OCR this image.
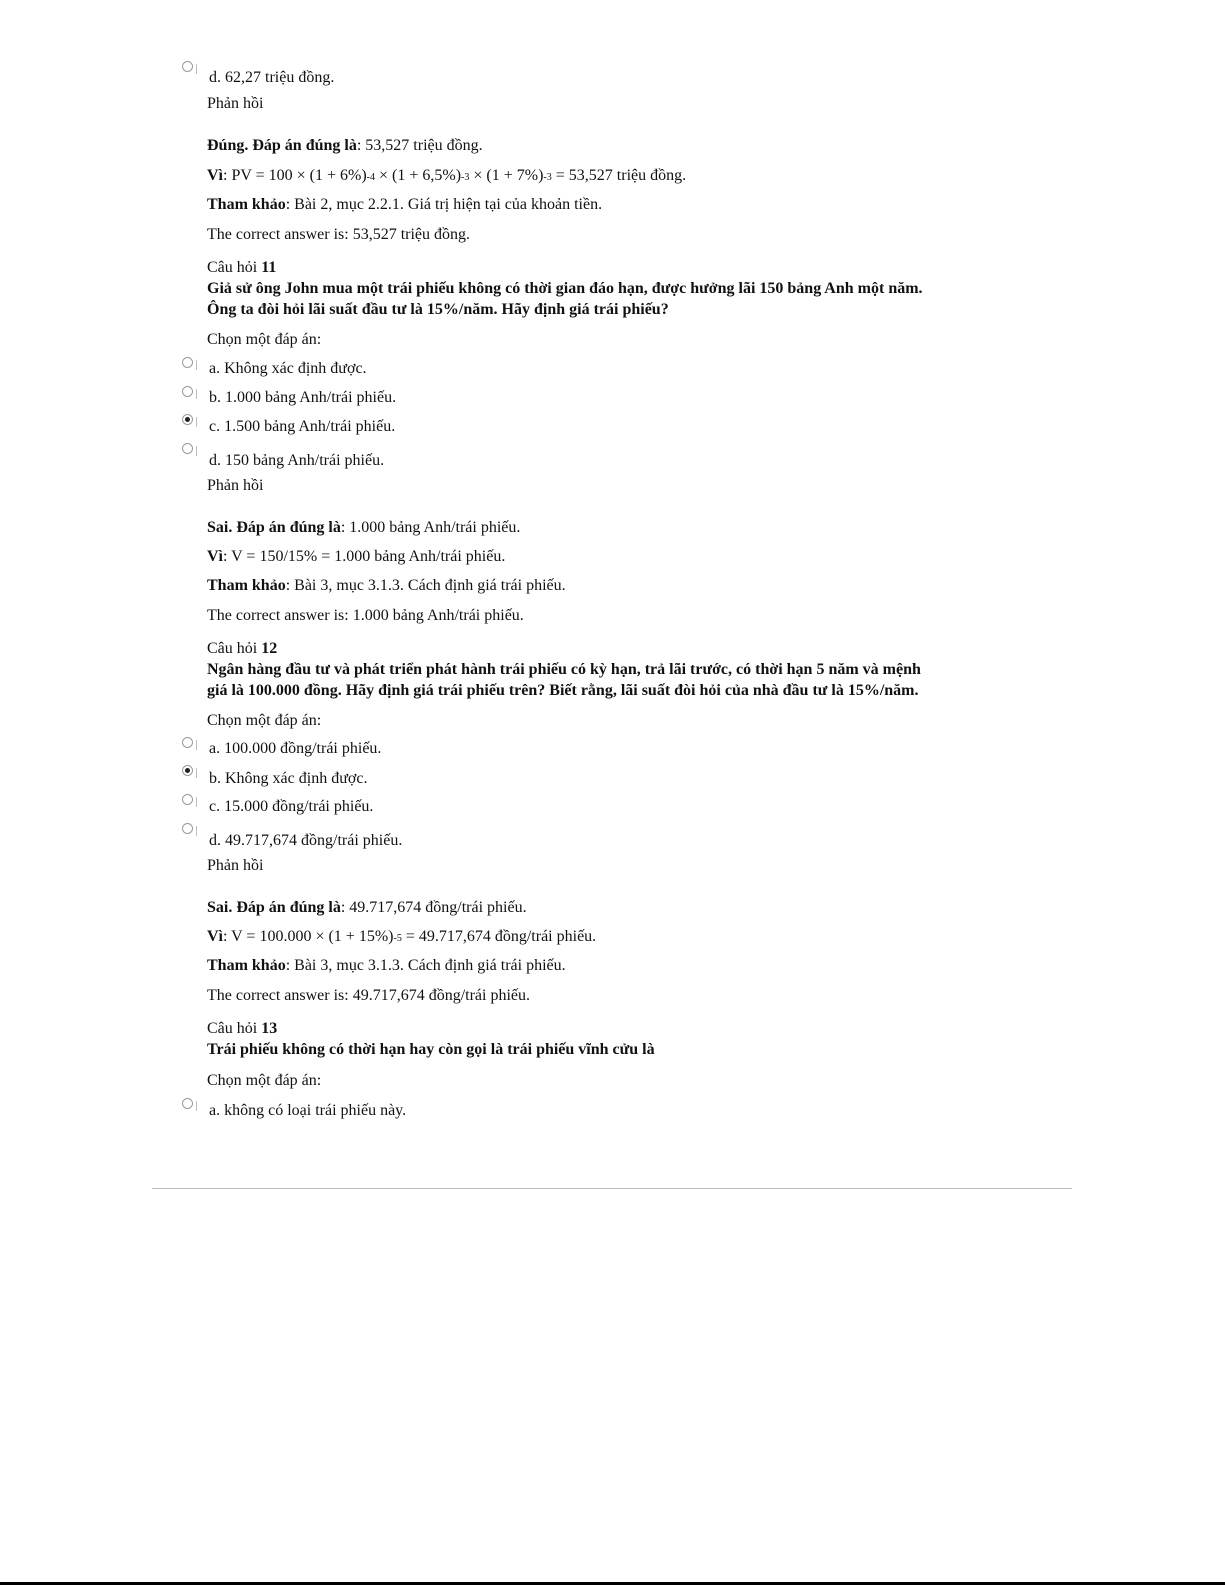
d. 62,27 triệu đồng.
Phản hồi
Đúng. Đáp án đúng là: 53,527 triệu đồng.
Vì: PV = 100 × (1 + 6%)-4 × (1 + 6,5%)-3 × (1 + 7%)-3 = 53,527 triệu đồng.
Tham khảo: Bài 2, mục 2.2.1. Giá trị hiện tại của khoản tiền.
The correct answer is: 53,527 triệu đồng.
Câu hỏi 11
Giả sử ông John mua một trái phiếu không có thời gian đáo hạn, được hưởng lãi 150 bảng Anh một năm.
Ông ta đòi hỏi lãi suất đầu tư là 15%/năm. Hãy định giá trái phiếu?
Chọn một đáp án:
a. Không xác định được.
b. 1.000 bảng Anh/trái phiếu.
c. 1.500 bảng Anh/trái phiếu.
d. 150 bảng Anh/trái phiếu.
Phản hồi
Sai. Đáp án đúng là: 1.000 bảng Anh/trái phiếu.
Vì: V = 150/15% = 1.000 bảng Anh/trái phiếu.
Tham khảo: Bài 3, mục 3.1.3. Cách định giá trái phiếu.
The correct answer is: 1.000 bảng Anh/trái phiếu.
Câu hỏi 12
Ngân hàng đầu tư và phát triển phát hành trái phiếu có kỳ hạn, trả lãi trước, có thời hạn 5 năm và mệnh
giá là 100.000 đồng. Hãy định giá trái phiếu trên? Biết rằng, lãi suất đòi hỏi của nhà đầu tư là 15%/năm.
Chọn một đáp án:
a. 100.000 đồng/trái phiếu.
b. Không xác định được.
c. 15.000 đồng/trái phiếu.
d. 49.717,674 đồng/trái phiếu.
Phản hồi
Sai. Đáp án đúng là: 49.717,674 đồng/trái phiếu.
Vì: V = 100.000 × (1 + 15%)-5 = 49.717,674 đồng/trái phiếu.
Tham khảo: Bài 3, mục 3.1.3. Cách định giá trái phiếu.
The correct answer is: 49.717,674 đồng/trái phiếu.
Câu hỏi 13
Trái phiếu không có thời hạn hay còn gọi là trái phiếu vĩnh cửu là
Chọn một đáp án:
a. không có loại trái phiếu này.
